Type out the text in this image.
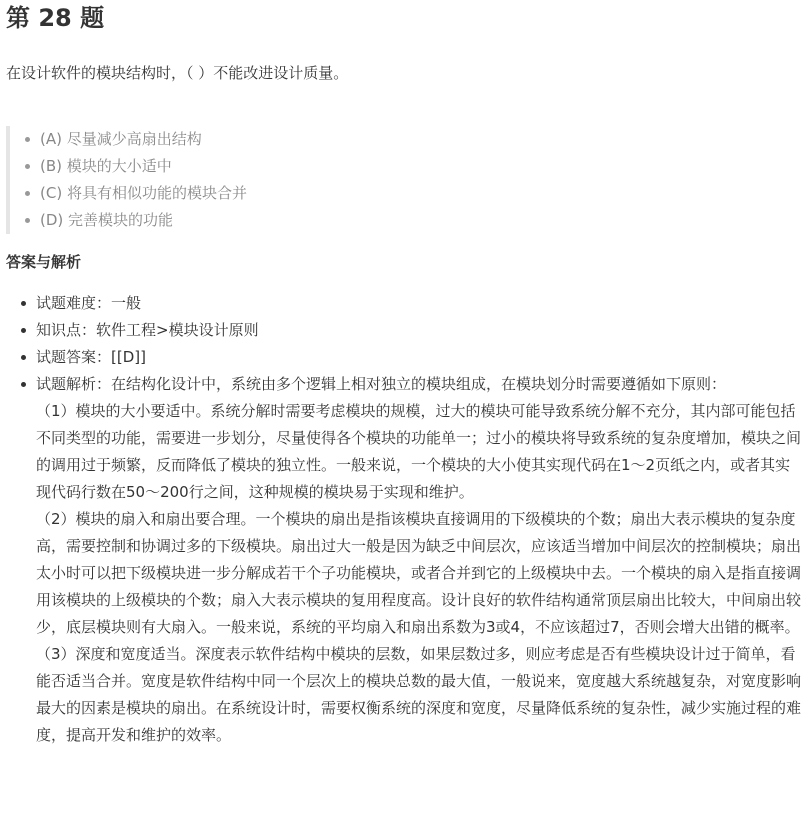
第 28 题

在设计软件的模块结构时，（ ）不能改进设计质量。

(A) 尽量减少高扇出结构
(B) 模块的大小适中
(C) 将具有相似功能的模块合并
(D) 完善模块的功能
答案与解析
试题难度：一般
知识点：软件工程>模块设计原则
试题答案：[[D]]
试题解析：在结构化设计中，系统由多个逻辑上相对独立的模块组成，在模块划分时需要遵循如下原则：
（1）模块的大小要适中。系统分解时需要考虑模块的规模，过大的模块可能导致系统分解不充分，其内部可能包括不同类型的功能，需要进一步划分，尽量使得各个模块的功能单一；过小的模块将导致系统的复杂度增加，模块之间的调用过于频繁，反而降低了模块的独立性。一般来说，一个模块的大小使其实现代码在1～2页纸之内，或者其实现代码行数在50～200行之间，这种规模的模块易于实现和维护。
（2）模块的扇入和扇出要合理。一个模块的扇出是指该模块直接调用的下级模块的个数；扇出大表示模块的复杂度高，需要控制和协调过多的下级模块。扇出过大一般是因为缺乏中间层次，应该适当增加中间层次的控制模块；扇出太小时可以把下级模块进一步分解成若干个子功能模块，或者合并到它的上级模块中去。一个模块的扇入是指直接调用该模块的上级模块的个数；扇入大表示模块的复用程度高。设计良好的软件结构通常顶层扇出比较大，中间扇出较少，底层模块则有大扇入。一般来说，系统的平均扇入和扇出系数为3或4，不应该超过7，否则会增大出错的概率。
（3）深度和宽度适当。深度表示软件结构中模块的层数，如果层数过多，则应考虑是否有些模块设计过于简单，看能否适当合并。宽度是软件结构中同一个层次上的模块总数的最大值，一般说来，宽度越大系统越复杂，对宽度影响最大的因素是模块的扇出。在系统设计时，需要权衡系统的深度和宽度，尽量降低系统的复杂性，减少实施过程的难度，提高开发和维护的效率。
